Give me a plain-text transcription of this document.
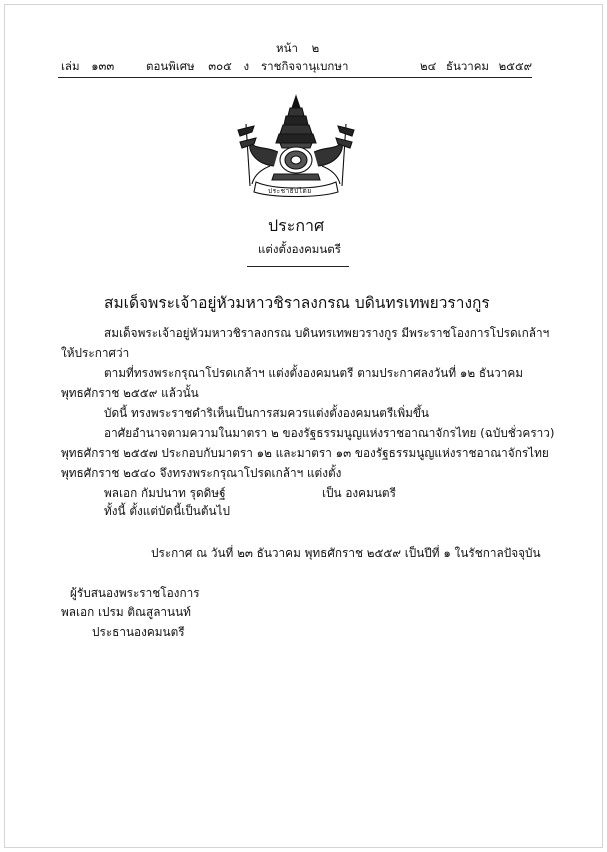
หน้า ๒
เล่ม ๑๓๓	ตอนพิเศษ ๓๐๕ ง ราชกิจจานุเบกษา	๒๔ ธันวาคม ๒๕๕๙
ประชาธิปไตย
ประกาศ
แต่งตั้งองคมนตรี
สมเด็จพระเจ้าอยู่หัวมหาวชิราลงกรณ บดินทรเทพยวรางกูร
สมเด็จพระเจ้าอยู่หัวมหาวชิราลงกรณ บดินทรเทพยวรางกูร มีพระราชโองการโปรดเกล้าฯ
ให้ประกาศว่า
ตามที่ทรงพระกรุณาโปรดเกล้าฯ แต่งตั้งองคมนตรี ตามประกาศลงวันที่ ๑๒ ธันวาคม
พุทธศักราช ๒๕๕๙ แล้วนั้น
บัดนี้ ทรงพระราชดำริเห็นเป็นการสมควรแต่งตั้งองคมนตรีเพิ่มขึ้น
อาศัยอำนาจตามความในมาตรา ๒ ของรัฐธรรมนูญแห่งราชอาณาจักรไทย (ฉบับชั่วคราว)
พุทธศักราช ๒๕๕๗ ประกอบกับมาตรา ๑๒ และมาตรา ๑๓ ของรัฐธรรมนูญแห่งราชอาณาจักรไทย
พุทธศักราช ๒๕๔๐ จึงทรงพระกรุณาโปรดเกล้าฯ แต่งตั้ง
พลเอก กัมปนาท รุดดิษฐ์	เป็น องคมนตรี
ทั้งนี้ ตั้งแต่บัดนี้เป็นต้นไป
ประกาศ ณ วันที่ ๒๓ ธันวาคม พุทธศักราช ๒๕๕๙ เป็นปีที่ ๑ ในรัชกาลปัจจุบัน
ผู้รับสนองพระราชโองการ
พลเอก เปรม ติณสูลานนท์
ประธานองคมนตรี
